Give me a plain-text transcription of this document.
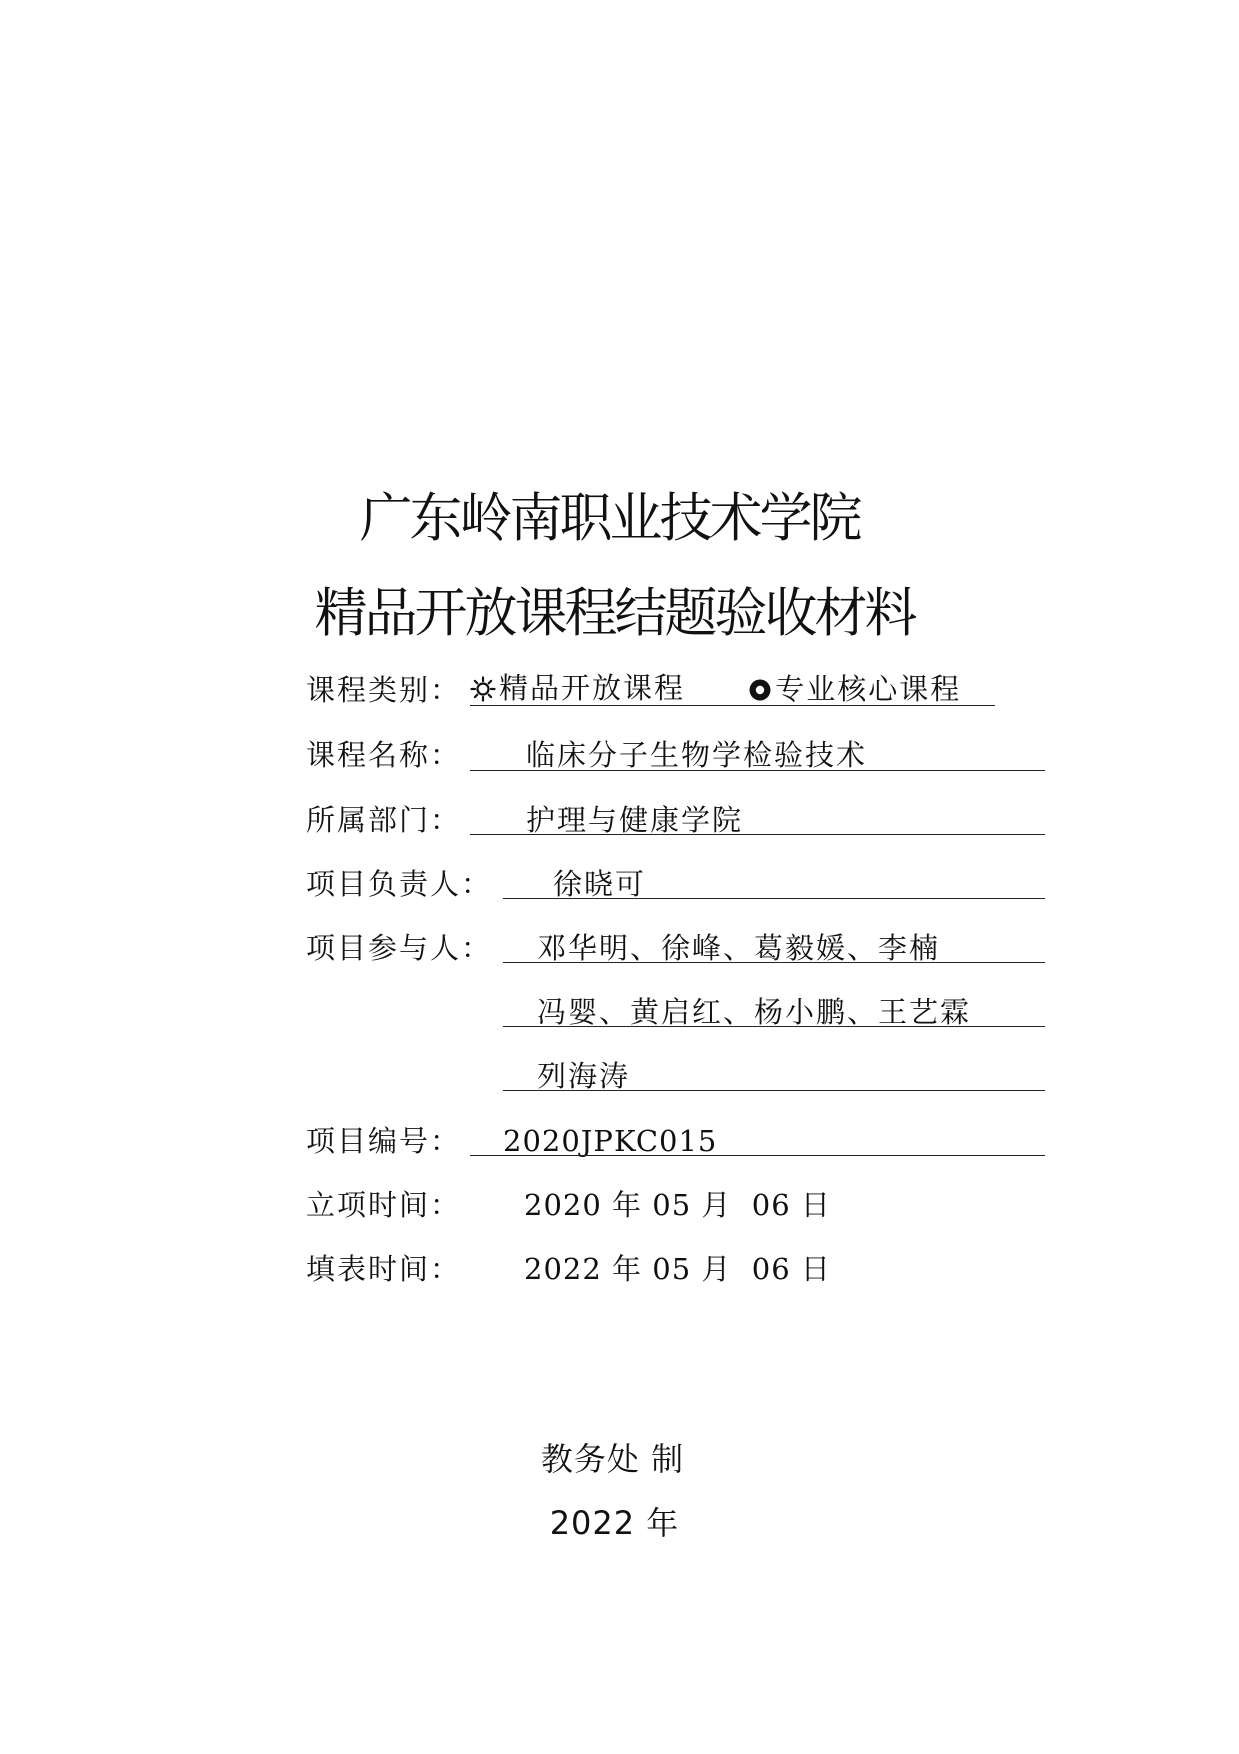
广东岭南职业技术学院
精品开放课程结题验收材料
课程类别： 精品开放课程
	专业核心课程
课程名称： 临床分子生物学检验技术
所属部门： 护理与健康学院
项目负责人： 徐晓可
项目参与人： 邓华明、徐峰、葛毅媛、李楠
冯婴、黄启红、杨小鹏、王艺霖
列海涛
项目编号： 2020JPKC015
立项时间： 2020 年 05 月  06 日
填表时间： 2022 年 05 月  06 日
教务处 制
2022 年
